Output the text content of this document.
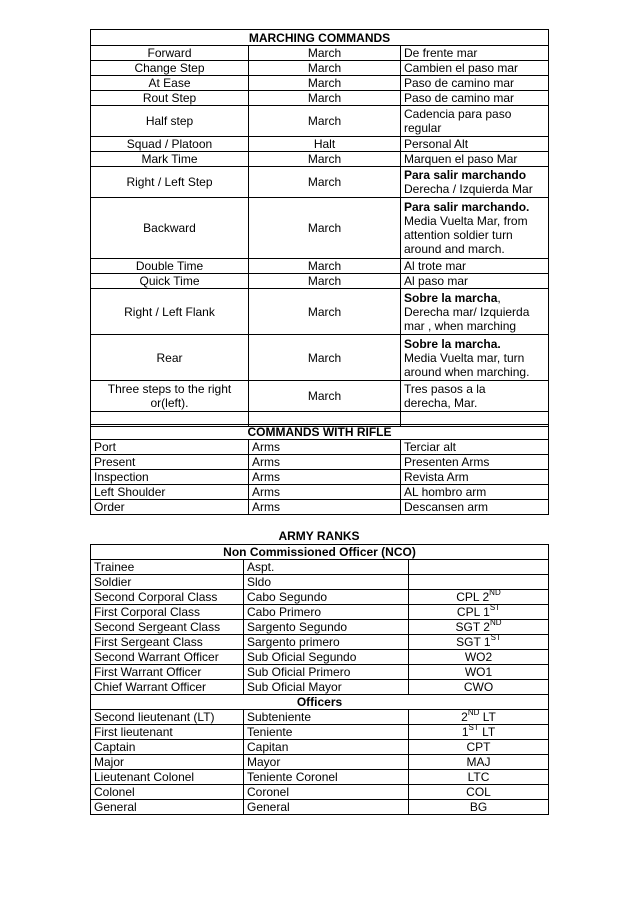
MARCHING COMMANDS		
Forward	March	De frente mar
Change Step	March	Cambien el paso mar
At Ease	March	Paso de camino mar
Rout Step	March	Paso de camino mar
Half step	March	Cadencia para paso
regular
Squad / Platoon	Halt	Personal Alt
Mark Time	March	Marquen el paso Mar
Right / Left Step	March	Para salir marchando
Derecha / Izquierda Mar
Backward	March	Para salir marchando.
Media Vuelta Mar, from
attention soldier turn
around and march.
Double Time	March	Al trote mar
Quick Time	March	Al paso mar
Right / Left Flank	March	Sobre la marcha,
Derecha mar/ Izquierda
mar , when marching
Rear	March	Sobre la marcha.
Media Vuelta mar, turn
around when marching.
Three steps to the right
or(left).	March	Tres pasos a la
derecha, Mar.

COMMANDS WITH RIFLE		
Port	Arms	Terciar alt
Present	Arms	Presenten Arms
Inspection	Arms	Revista Arm
Left Shoulder	Arms	AL hombro arm
Order	Arms	Descansen arm
ARMY RANKS
Non Commissioned Officer (NCO)		
Trainee	Aspt.	
Soldier	Sldo	
Second Corporal Class	Cabo Segundo	CPL 2ND
First Corporal Class	Cabo Primero	CPL 1ST
Second Sergeant Class	Sargento Segundo	SGT 2ND
First Sergeant Class	Sargento primero	SGT 1ST
Second Warrant Officer	Sub Oficial Segundo	WO2
First Warrant Officer	Sub Oficial Primero	WO1
Chief Warrant Officer	Sub Oficial Mayor	CWO
Officers		
Second lieutenant (LT)	Subteniente	2ND LT
First lieutenant	Teniente	1ST LT
Captain	Capitan	CPT
Major	Mayor	MAJ
Lieutenant Colonel	Teniente Coronel	LTC
Colonel	Coronel	COL
General	General	BG
